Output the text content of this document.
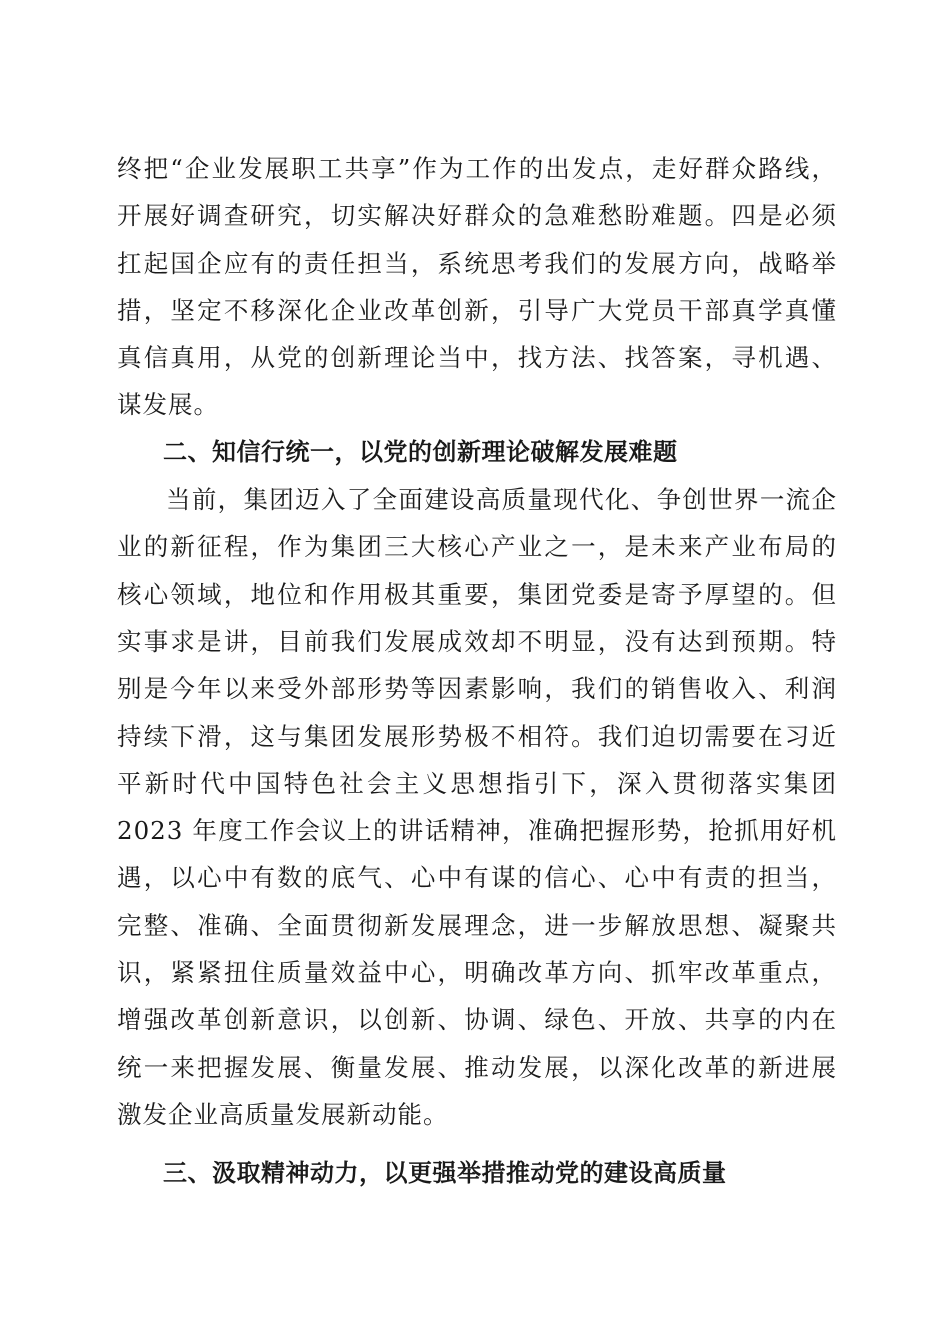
终把“企业发展职工共享”作为工作的出发点，走好群众路线，
开展好调查研究，切实解决好群众的急难愁盼难题。四是必须
扛起国企应有的责任担当，系统思考我们的发展方向，战略举
措，坚定不移深化企业改革创新，引导广大党员干部真学真懂
真信真用，从党的创新理论当中，找方法、找答案，寻机遇、
谋发展。

二、知信行统一，以党的创新理论破解发展难题

当前，集团迈入了全面建设高质量现代化、争创世界一流企
业的新征程，作为集团三大核心产业之一，是未来产业布局的
核心领域，地位和作用极其重要，集团党委是寄予厚望的。但
实事求是讲，目前我们发展成效却不明显，没有达到预期。特
别是今年以来受外部形势等因素影响，我们的销售收入、利润
持续下滑，这与集团发展形势极不相符。我们迫切需要在习近
平新时代中国特色社会主义思想指引下，深入贯彻落实集团
2023 年度工作会议上的讲话精神，准确把握形势，抢抓用好机
遇，以心中有数的底气、心中有谋的信心、心中有责的担当，
完整、准确、全面贯彻新发展理念，进一步解放思想、凝聚共
识，紧紧扭住质量效益中心，明确改革方向、抓牢改革重点，
增强改革创新意识，以创新、协调、绿色、开放、共享的内在
统一来把握发展、衡量发展、推动发展，以深化改革的新进展
激发企业高质量发展新动能。

三、汲取精神动力，以更强举措推动党的建设高质量
